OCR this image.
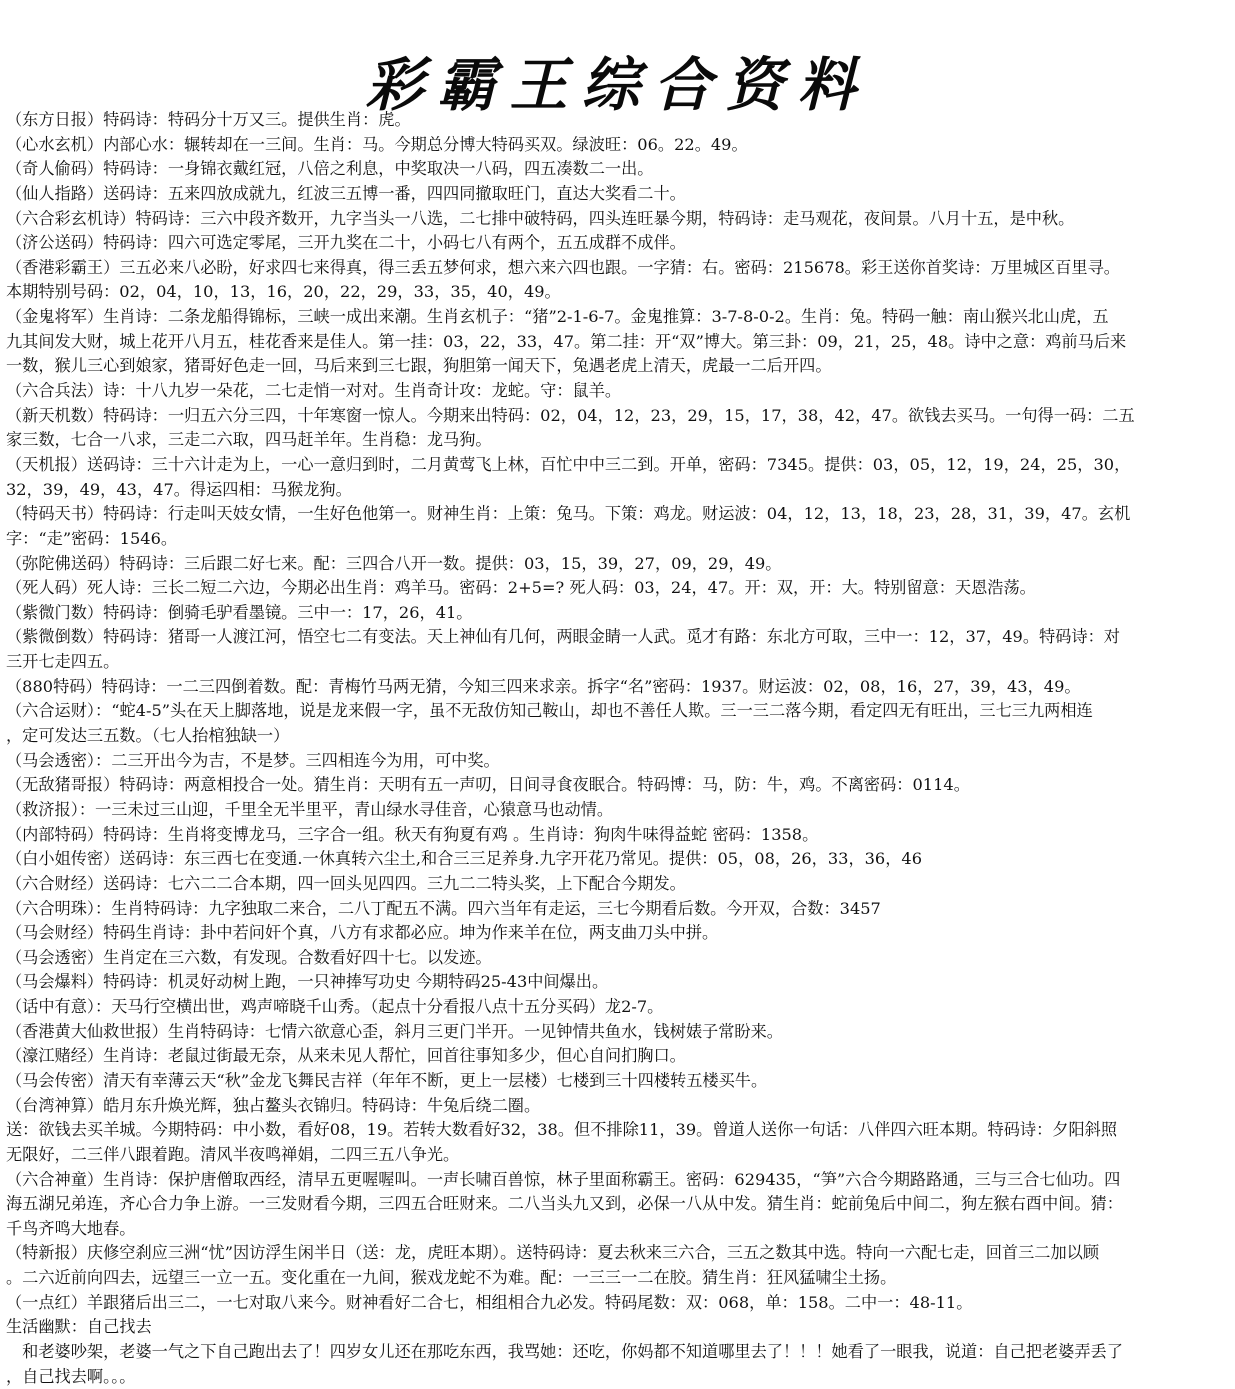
彩霸王综合资料
（东方日报）特码诗：特码分十万又三。提供生肖：虎。
（心水玄机）内部心水：辗转却在一三间。生肖：马。今期总分博大特码买双。绿波旺：06。22。49。
（奇人偷码）特码诗：一身锦衣戴红冠，八倍之利息，中奖取决一八码，四五凑数二一出。
（仙人指路）送码诗：五来四放成就九，红波三五博一番，四四同撤取旺门，直达大奖看二十。
（六合彩玄机诗）特码诗：三六中段齐数开，九字当头一八选，二七排中破特码，四头连旺暴今期，特码诗：走马观花，夜间景。八月十五，是中秋。
（济公送码）特码诗：四六可选定零尾，三开九奖在二十，小码七八有两个，五五成群不成伴。
（香港彩霸王）三五必来八必盼，好求四七来得真，得三丢五梦何求，想六来六四也跟。一字猜：右。密码：215678。彩王送你首奖诗：万里城区百里寻。
本期特别号码：02，04，10，13，16，20，22，29，33，35，40，49。
（金鬼将军）生肖诗：二条龙船得锦标，三峡一成出来潮。生肖玄机子：“猪”2-1-6-7。金鬼推算：3-7-8-0-2。生肖：兔。特码一触：南山猴兴北山虎，五
九其间发大财，城上花开八月五，桂花香来是佳人。第一挂：03，22，33，47。第二挂：开“双”博大。第三卦：09，21，25，48。诗中之意：鸡前马后来
一数，猴儿三心到娘家，猪哥好色走一回，马后来到三七跟，狗胆第一闻天下，兔遇老虎上清天，虎最一二后开四。
（六合兵法）诗：十八九岁一朵花，二七走悄一对对。生肖奇计攻：龙蛇。守：鼠羊。
（新天机数）特码诗：一归五六分三四，十年寒窗一惊人。今期来出特码：02，04，12，23，29，15，17，38，42，47。欲钱去买马。一句得一码：二五
家三数，七合一八求，三走二六取，四马赶羊年。生肖稳：龙马狗。
（天机报）送码诗：三十六计走为上，一心一意归到时，二月黄莺飞上林，百忙中中三二到。开单，密码：7345。提供：03，05，12，19，24，25，30，
32，39，49，43，47。得运四相：马猴龙狗。
（特码天书）特码诗：行走叫天妓女情，一生好色他第一。财神生肖：上策：兔马。下策：鸡龙。财运波：04，12，13，18，23，28，31，39，47。玄机
字：“走”密码：1546。
（弥陀佛送码）特码诗：三后跟二好七来。配：三四合八开一数。提供：03，15，39，27，09，29，49。
（死人码）死人诗：三长二短二六边，今期必出生肖：鸡羊马。密码：2+5=? 死人码：03，24，47。开：双，开：大。特别留意：天恩浩荡。
（紫微门数）特码诗：倒骑毛驴看墨镜。三中一：17，26，41。
（紫微倒数）特码诗：猪哥一人渡江河，悟空七二有变法。天上神仙有几何，两眼金睛一人武。觅才有路：东北方可取，三中一：12，37，49。特码诗：对
三开七走四五。
（880特码）特码诗：一二三四倒着数。配：青梅竹马两无猜，今知三四来求亲。拆字“名”密码：1937。财运波：02，08，16，27，39，43，49。
（六合运财）：“蛇4-5”头在天上脚落地，说是龙来假一字，虽不无敌仿知己鞍山，却也不善任人欺。三一三二落今期，看定四无有旺出，三七三九两相连
，定可发达三五数。（七人抬棺独缺一）
（马会透密）：二三开出今为吉，不是梦。三四相连今为用，可中奖。
（无敌猪哥报）特码诗：两意相投合一处。猜生肖：天明有五一声叨，日间寻食夜眠合。特码博：马，防：牛，鸡。不离密码：0114。
（救济报）：一三未过三山迎，千里全无半里平，青山绿水寻佳音，心猿意马也动情。
（内部特码）特码诗：生肖将变博龙马，三字合一组。秋天有狗夏有鸡 。生肖诗：狗肉牛味得益蛇 密码：1358。
（白小姐传密）送码诗：东三西七在变通.一休真转六尘土,和合三三足养身.九字开花乃常见。提供：05，08，26，33，36，46
（六合财经）送码诗：七六二二合本期，四一回头见四四。三九二二特头奖，上下配合今期发。
（六合明珠）：生肖特码诗：九字独取二来合，二八丁配五不满。四六当年有走运，三七今期看后数。今开双，合数：3457
（马会财经）特码生肖诗：卦中若问奸个真，八方有求都必应。坤为作来羊在位，两支曲刀头中拼。
（马会透密）生肖定在三六数，有发现。合数看好四十七。以发迹。
（马会爆料）特码诗：机灵好动树上跑，一只神捧写功史 今期特码25-43中间爆出。
（话中有意）：天马行空横出世，鸡声啼晓千山秀。（起点十分看报八点十五分买码）龙2-7。
（香港黄大仙救世报）生肖特码诗：七情六欲意心歪，斜月三更门半开。一见钟情共鱼水，钱树婊子常盼来。
（濠江赌经）生肖诗：老鼠过街最无奈，从来未见人帮忙，回首往事知多少，但心自问扪胸口。
（马会传密）清天有幸薄云天“秋”金龙飞舞民吉祥（年年不断，更上一层楼）七楼到三十四楼转五楼买牛。
（台湾神算）皓月东升焕光辉，独占鳌头衣锦归。特码诗：牛兔后绕二圈。
送：欲钱去买羊城。今期特码：中小数，看好08，19。若转大数看好32，38。但不排除11，39。曾道人送你一句话：八伴四六旺本期。特码诗：夕阳斜照
无限好，二三伴八跟着跑。清风半夜鸣禅娟，二四三五八争光。
（六合神童）生肖诗：保护唐僧取西经，清早五更喔喔叫。一声长啸百兽惊，林子里面称霸王。密码：629435，“笋”六合今期路路通，三与三合七仙功。四
海五湖兄弟连，齐心合力争上游。一三发财看今期，三四五合旺财来。二八当头九又到，必保一八从中发。猜生肖：蛇前兔后中间二，狗左猴右酉中间。猜：
千鸟齐鸣大地春。
（特新报）庆修空刹应三洲“忧”因访浮生闲半日（送：龙，虎旺本期）。送特码诗：夏去秋来三六合，三五之数其中选。特向一六配七走，回首三二加以顾
。二六近前向四去，远望三一立一五。变化重在一九间，猴戏龙蛇不为难。配：一三三一二在胶。猜生肖：狂风猛啸尘土扬。
（一点红）羊跟猪后出三二，一七对取八来今。财神看好二合七，相组相合九必发。特码尾数：双：068，单：158。二中一：48-11。
生活幽默：自己找去
　和老婆吵架，老婆一气之下自己跑出去了！四岁女儿还在那吃东西，我骂她：还吃，你妈都不知道哪里去了！！！她看了一眼我，说道：自己把老婆弄丢了
，自己找去啊。。。
